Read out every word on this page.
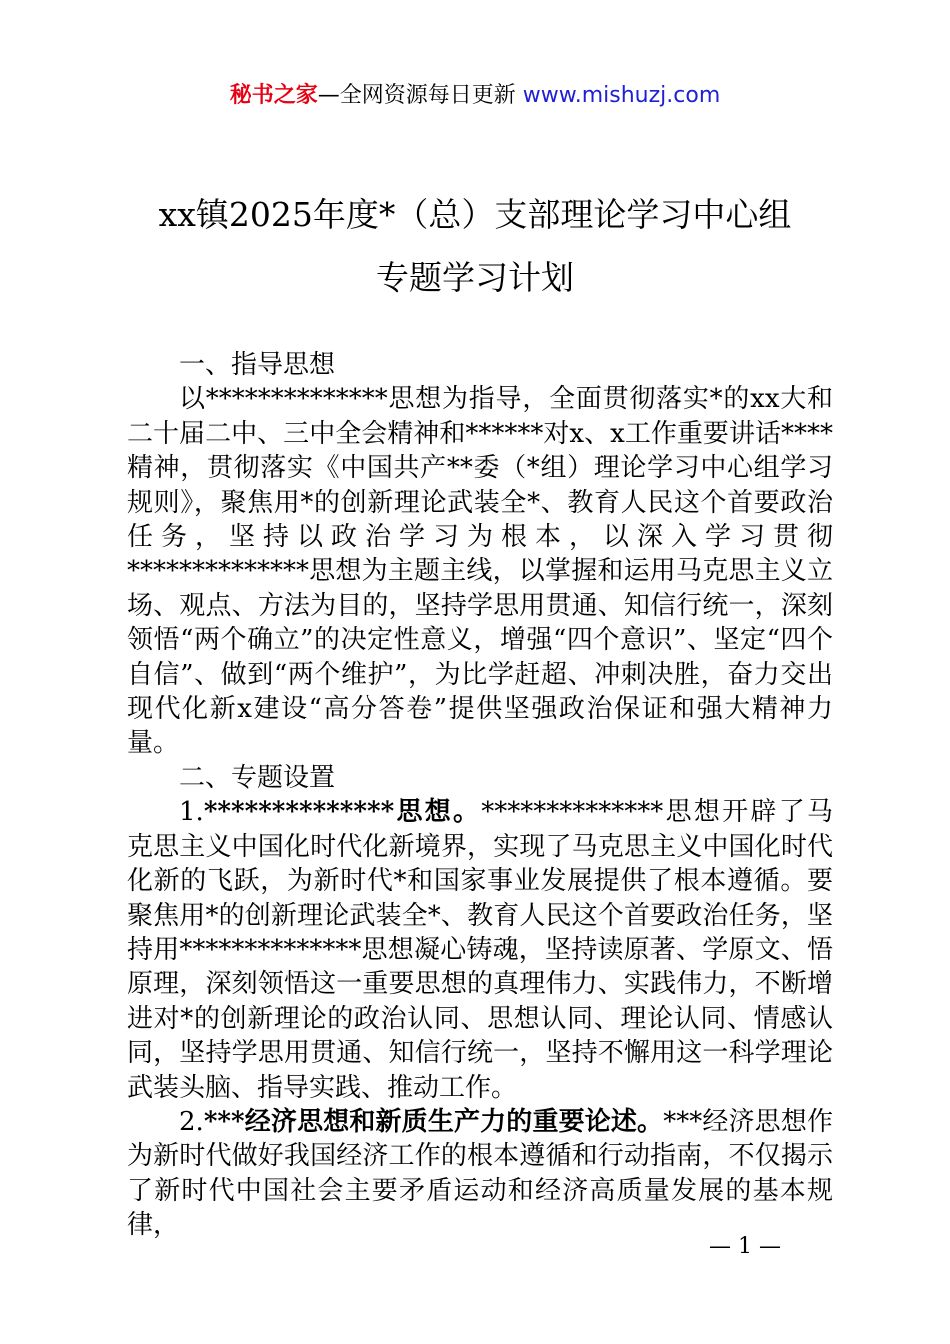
秘书之家—全网资源每日更新 www.mishuzj.com
xx镇2025年度*（总）支部理论学习中心组
专题学习计划

一、指导思想

以**************思想为指导，全面贯彻落实*的xx大和二十届二中、三中全会精神和******对x、x工作重要讲话****精神，贯彻落实《中国共产**委（*组）理论学习中心组学习规则》，聚焦用*的创新理论武装全*、教育人民这个首要政治任务，坚持以政治学习为根本，以深入学习贯彻**************思想为主题主线，以掌握和运用马克思主义立场、观点、方法为目的，坚持学思用贯通、知信行统一，深刻领悟“两个确立”的决定性意义，增强“四个意识”、坚定“四个自信”、做到“两个维护”，为比学赶超、冲刺决胜，奋力交出现代化新x建设“高分答卷”提供坚强政治保证和强大精神力量。

二、专题设置

1.**************思想。**************思想开辟了马克思主义中国化时代化新境界，实现了马克思主义中国化时代化新的飞跃，为新时代*和国家事业发展提供了根本遵循。要聚焦用*的创新理论武装全*、教育人民这个首要政治任务，坚持用**************思想凝心铸魂，坚持读原著、学原文、悟原理，深刻领悟这一重要思想的真理伟力、实践伟力，不断增进对*的创新理论的政治认同、思想认同、理论认同、情感认同，坚持学思用贯通、知信行统一，坚持不懈用这一科学理论武装头脑、指导实践、推动工作。

2.***经济思想和新质生产力的重要论述。***经济思想作为新时代做好我国经济工作的根本遵循和行动指南，不仅揭示了新时代中国社会主要矛盾运动和经济高质量发展的基本规律，

— 1 —
